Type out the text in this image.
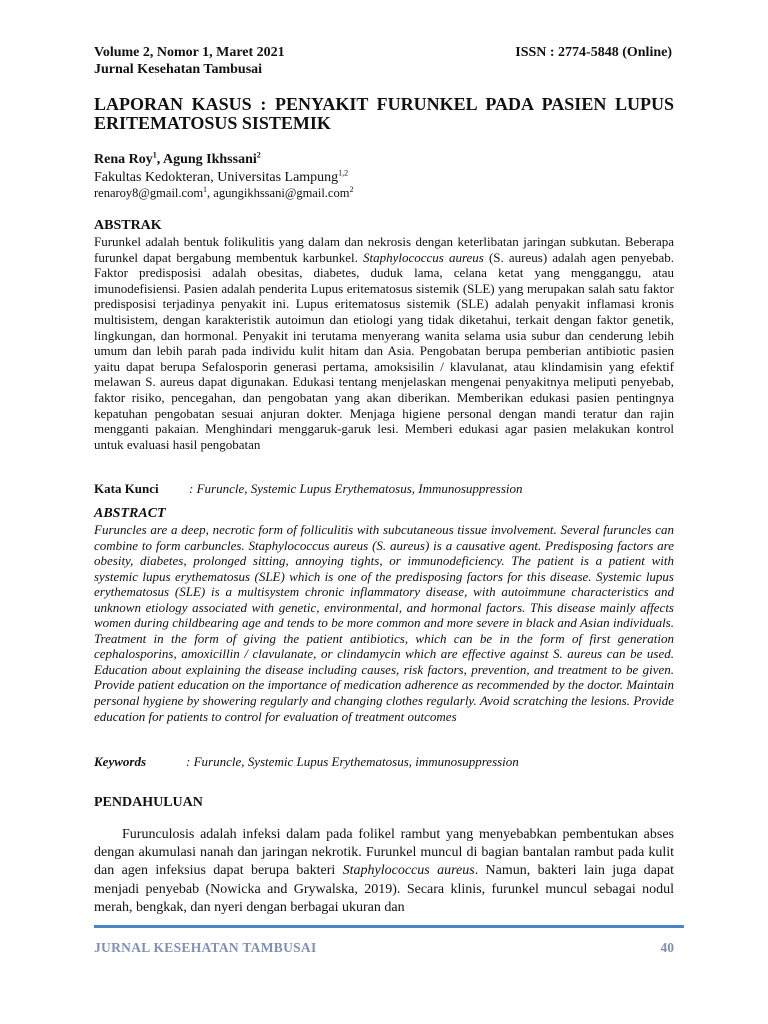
Volume 2, Nomor 1, Maret 2021
Jurnal Kesehatan Tambusai
ISSN : 2774-5848 (Online)
LAPORAN KASUS : PENYAKIT FURUNKEL PADA PASIEN LUPUS ERITEMATOSUS SISTEMIK
Rena Roy$^1$, Agung Ikhssani$^2$
Fakultas Kedokteran, Universitas Lampung$^{1,2}$
renaroy8@gmail.com$^1$, agungikhssani@gmail.com$^2$
ABSTRAK
Furunkel adalah bentuk folikulitis yang dalam dan nekrosis dengan keterlibatan jaringan subkutan. Beberapa furunkel dapat bergabung membentuk karbunkel. Staphylococcus aureus (S. aureus) adalah agen penyebab. Faktor predisposisi adalah obesitas, diabetes, duduk lama, celana ketat yang mengganggu, atau imunodefisiensi. Pasien adalah penderita Lupus eritematosus sistemik (SLE) yang merupakan salah satu faktor predisposisi terjadinya penyakit ini. Lupus eritematosus sistemik (SLE) adalah penyakit inflamasi kronis multisistem, dengan karakteristik autoimun dan etiologi yang tidak diketahui, terkait dengan faktor genetik, lingkungan, dan hormonal. Penyakit ini terutama menyerang wanita selama usia subur dan cenderung lebih umum dan lebih parah pada individu kulit hitam dan Asia. Pengobatan berupa pemberian antibiotic pasien yaitu dapat berupa Sefalosporin generasi pertama, amoksisilin / klavulanat, atau klindamisin yang efektif melawan S. aureus dapat digunakan. Edukasi tentang menjelaskan mengenai penyakitnya meliputi penyebab, faktor risiko, pencegahan, dan pengobatan yang akan diberikan. Memberikan edukasi pasien pentingnya kepatuhan pengobatan sesuai anjuran dokter. Menjaga higiene personal dengan mandi teratur dan rajin mengganti pakaian. Menghindari menggaruk-garuk lesi. Memberi edukasi agar pasien melakukan kontrol untuk evaluasi hasil pengobatan
Kata Kunci : Furuncle, Systemic Lupus Erythematosus, Immunosuppression
ABSTRACT
Furuncles are a deep, necrotic form of folliculitis with subcutaneous tissue involvement. Several furuncles can combine to form carbuncles. Staphylococcus aureus (S. aureus) is a causative agent. Predisposing factors are obesity, diabetes, prolonged sitting, annoying tights, or immunodeficiency. The patient is a patient with systemic lupus erythematosus (SLE) which is one of the predisposing factors for this disease. Systemic lupus erythematosus (SLE) is a multisystem chronic inflammatory disease, with autoimmune characteristics and unknown etiology associated with genetic, environmental, and hormonal factors. This disease mainly affects women during childbearing age and tends to be more common and more severe in black and Asian individuals. Treatment in the form of giving the patient antibiotics, which can be in the form of first generation cephalosporins, amoxicillin / clavulanate, or clindamycin which are effective against S. aureus can be used. Education about explaining the disease including causes, risk factors, prevention, and treatment to be given. Provide patient education on the importance of medication adherence as recommended by the doctor. Maintain personal hygiene by showering regularly and changing clothes regularly. Avoid scratching the lesions. Provide education for patients to control for evaluation of treatment outcomes
Keywords	: Furuncle, Systemic Lupus Erythematosus, immunosuppression
PENDAHULUAN
Furunculosis adalah infeksi dalam pada folikel rambut yang menyebabkan pembentukan abses dengan akumulasi nanah dan jaringan nekrotik. Furunkel muncul di bagian bantalan rambut pada kulit dan agen infeksius dapat berupa bakteri Staphylococcus aureus. Namun, bakteri lain juga dapat menjadi penyebab (Nowicka and Grywalska, 2019). Secara klinis, furunkel muncul sebagai nodul merah, bengkak, dan nyeri dengan berbagai ukuran dan
JURNAL KESEHATAN TAMBUSAI	40
